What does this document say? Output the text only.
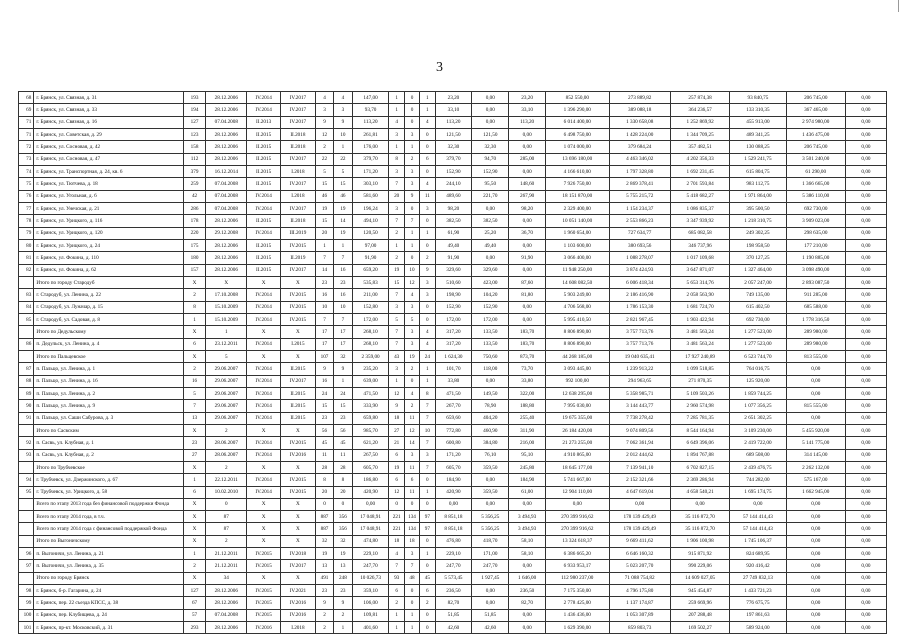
3
68	г. Брянск, ул. Связная, д. 31	193	28.12.2006	IV.2014	IV.2017	4	4	147,00	1	0	1	23,20	0,00	23,20	852 550,00	273 889,82	257 874,38	93 840,75	206 745,00	0,00
69	г. Брянск, ул. Связная, д. 33	194	28.12.2006	IV.2014	IV.2017	3	3	93,70	1	0	1	33,10	0,00	33,10	1 396 290,00	389 088,18	364 236,57	133 310,35	367 465,00	0,00
71	г. Брянск, ул. Связная, д. 16	127	07.04.2008	II.2013	IV.2017	9	9	113,20	4	0	4	113,20	0,00	113,20	6 014 400,00	1 330 658,08	1 252 869,92	455 913,00	2 974 980,00	0,00
71	г. Брянск, ул. Советская, д. 29	123	28.12.2006	II.2015	II.2018	12	10	261,81	3	3	0	121,50	121,50	0,00	6 498 750,00	1 428 224,00	1 344 709,25	489 341,25	1 436 475,00	0,00
72	г. Брянск, ул. Сосновая, д. 42	158	28.12.2006	II.2015	II.2018	2	1	176,00	1	1	0	32,30	32,30	0,00	1 074 000,00	379 684,24	357 482,51	130 088,25	206 745,00	0,00
73	г. Брянск, ул. Сосновая, д. 47	112	28.12.2006	II.2015	IV.2017	22	22	379,70	8	2	6	379,70	94,70	285,00	13 696 180,00	4 463 346,02	4 202 356,33	1 529 241,75	3 501 240,00	0,00
74	г. Брянск, ул. Транспортная, д. 24, кв. 6	379	16.12.2014	II.2015	I.2018	5	5	171,20	3	3	0	152,90	152,90	0,00	4 166 610,00	1 797 328,80	1 692 231,45	615 804,75	61 290,00	0,00
75	г. Брянск, ул. Тютчева, д. 18	259	07.04.2008	II.2015	IV.2017	15	15	303,10	7	3	4	244,10	95,50	148,60	7 926 750,00	2 869 378,41	2 701 593,84	983 112,75	1 366 665,00	0,00
76	г. Брянск, ул. Угольная, д. 6	42	07.04.2008	IV.2014	I.2018	46	46	581,60	20	9	11	489,60	221,70	267,90	18 151 870,00	5 755 215,72	5 418 682,27	1 971 864,00	5 386 110,00	0,00
77	г. Брянск, ул. Унечская, д. 21	286	07.04.2008	IV.2014	IV.2017	19	19	196,24	3	0	3	98,20	0,00	98,20	2 329 400,00	1 154 234,37	1 086 835,37	395 500,50	692 730,00	0,00
78	г. Брянск, ул. Урицкого, д. 116	178	28.12.2006	II.2015	II.2018	15	14	494,10	7	7	0	382,50	382,50	0,00	10 051 140,00	2 553 866,23	3 347 939,92	1 218 310,75	3 909 023,00	0,00
79	г. Брянск, ул. Урицкого, д. 120	220	29.12.2008	IV.2014	III.2019	20	19	120,50	2	1	1	61,90	25,20	36,70	1 960 654,00	727 634,77	685 082,58	249 302,25	298 635,00	0,00
80	г. Брянск, ул. Урицкого, д. 24	175	28.12.2006	II.2015	IV.2015	1	1	97,00	1	1	0	49,40	49,40	0,00	1 103 600,00	380 693,56	346 737,96	198 958,50	177 210,00	0,00
81	г. Брянск, ул. Фокина, д. 110	180	28.12.2006	II.2015	II.2019	7	7	91,90	2	0	2	91,90	0,00	91,90	3 066 400,00	1 088 278,07	1 017 109,68	370 127,25	1 190 885,00	0,00
82	г. Брянск, ул. Фокина, д. 62	157	28.12.2006	II.2015	IV.2017	14	16	659,20	19	10	9	329,60	329,60	0,00	11 948 250,00	3 874 424,93	3 647 871,07	1 327 464,00	3 098 490,00	0,00
	Итого по городу Стародуб	X	X	X	X	23	23	535,83	15	12	3	510,60	423,00	87,60	14 608 082,50	6 006 418,34	5 653 314,76	2 057 247,00	2 893 087,50	0,00
83	г. Стародуб, ул. Ленина, д. 22	2	17.10.2008	IV.2014	IV.2015	16	16	211,00	7	4	3	198,90	104,20	81,80	5 903 249,00	2 186 416,90	2 058 563,90	749 135,00	911 285,00	0,00
84	г. Стародуб, ул. Луначар, д. 15	8	15.10.2009	IV.2014	IV.2015	10	10	152,80	3	3	0	152,90	152,90	0,00	4 706 568,00	1 786 153,30	1 681 724,70	615 402,50	685 588,00	0,00
85	г. Стародуб, ул. Садовая, д. 8	1	15.10.2009	IV.2014	IV.2015	7	7	172,00	5	5	0	172,00	172,00	0,00	5 995 410,50	2 821 967,45	1 903 422,94	692 730,00	1 778 316,50	0,00
	Итого по Дедульскому	X	1	X	X	17	17	268,10	7	3	4	317,20	133,50	183,70	8 806 890,00	3 757 713,76	3 481 563,24	1 277 523,00	289 980,00	0,00
86	п. Дедульск, ул. Ленина, д. 4	6	23.12.2011	IV.2014	I.2015	17	17	268,10	7	3	4	317,20	133,50	183,70	8 806 890,00	3 757 713,76	3 481 563,24	1 277 523,00	289 980,00	0,00
	Итого по Пальцевское	X	5	X	X	107	32	2 359,00	43	19	24	1 624,30	750,60	873,70	44 268 185,00	19 040 635,41	17 927 240,89	6 523 744,70	813 555,00	0,00
87	п. Пальцо, ул. Ленина, д. 1	2	29.06.2007	IV.2014	II.2015	9	9	235,20	3	2	1	101,70	118,00	73,70	3 093 445,00	1 239 913,22	1 099 518,85	764 016,75	0,00	0,00
88	п. Пальцо, ул. Ленина, д. 16	16	29.06.2007	IV.2014	IV.2017	16	1	639,00	1	0	1	33,80	0,00	33,80	992 100,00	294 963,65	271 870,35	125 920,00	0,00	0,00
89	п. Пальцо, ул. Ленина, д. 2	5	29.06.2007	IV.2014	II.2015	24	24	471,50	12	4	8	471,50	149,50	322,00	12 638 295,00	5 358 985,71	5 109 503,26	1 859 744,25	0,00	0,00
90	п. Пальцо, ул. Ленина, д. 9	7	29.06.2007	IV.2014	II.2015	15	15	333,90	9	2	7	267,70	78,90	188,80	7 995 030,00	3 144 443,77	2 960 574,98	1 077 356,25	815 555,00	0,00
91	п. Пальцо, ул. Саши Сабурова, д. 3	13	29.06.2007	IV.2014	II.2015	23	23	659,80	18	11	7	659,60	404,20	255,40	19 675 355,00	7 738 278,42	7 285 781,35	2 651 302,25	0,00	0,00
	Итого по Сасвским	X	2	X	X	56	56	985,70	27	12	10	772,80	460,90	311,90	26 184 420,00	9 074 809,56	8 544 164,94	3 109 230,00	5 455 920,00	0,00
92	п. Сасвь, ул. Клубная, д. 1	23	28.06.2007	IV.2014	IV.2015	45	45	621,20	21	14	7	600,80	384,80	216,00	21 273 255,00	7 062 361,94	6 649 396,06	2 419 722,00	5 141 775,00	0,00
93	п. Сасвь, ул. Клубная, д. 2	27	28.06.2007	IV.2014	IV.2016	11	11	267,50	6	3	3	171,20	76,10	95,10	4 910 865,00	2 012 444,62	1 894 767,88	689 508,00	314 145,00	0,00
	Итого по Трубчевское	X	2	X	X	28	28	605,70	19	11	7	605,70	359,50	245,80	18 645 177,00	7 139 941,10	6 702 827,15	2 439 476,75	2 262 132,00	0,00
94	г. Трубчевск, ул. Дзержинского, д. 67	1	22.12.2011	IV.2014	IV.2015	8	8	186,80	6	6	0	184,90	0,00	184,90	5 741 667,00	2 152 321,66	2 369 286,94	744 282,00	575 167,00	0,00
95	г. Трубчевск, ул. Урицкого, д. 58	6	10.02.2010	IV.2014	IV.2015	20	20	420,90	12	11	1	420,90	359,50	61,00	12 904 110,00	4 647 619,04	4 658 540,21	1 695 174,75	1 662 945,00	0,00
	Всего по этапу 2013 года без финансовой поддержки Фонда	X	0	X	X	0	0	0,00	0	0	0	0,00	0,00	0,00	0,00	0,00	0,00	0,00	0,00	0,00
	Всего по этапу 2014 года, в т.ч.	X	87	X	X	887	356	17 048,91	221	134	97	8 851,18	5 356,25	3 494,93	270 399 916,62	178 139 429,49	35 116 872,70	57 144 414,43	0,00	0,00
	Всего по этапу 2014 года с финансовой поддержкой Фонда	X	87	X	X	887	356	17 048,91	221	134	97	8 851,18	5 356,25	3 494,93	270 399 916,62	178 139 429,49	35 116 872,70	57 144 414,43	0,00	0,00
	Итого по Выгоничскому	X	2	X	X	32	32	474,80	18	18	0	476,80	418,70	58,10	13 324 618,37	9 669 411,62	1 906 100,98	1 745 106,37	0,00	0,00
96	п. Выгоничи, ул. Ленина, д. 21	1	21.12.2011	IV.2015	IV.2018	19	19	229,10	4	3	1	229,10	171,00	58,10	6 386 665,20	6 646 160,32	915 871,92	824 689,95	0,00	0,00
97	п. Выгоничи, ул. Ленина, д. 35	2	21.12.2011	IV.2015	IV.2017	13	13	247,70	7	7	0	247,70	247,70	0,00	6 933 953,17	5 023 207,70	990 229,06	920 416,42	0,00	0,00
	Итого по городу Брянск	X	34	X	X	491	248	10 026,73	93	48	45	5 573,45	1 927,45	1 646,00	112 980 237,00	71 088 754,82	14 609 027,05	27 749 832,13	0,00	0,00
98	г. Брянск, б-р. Гагарина, д. 24	127	28.12.2006	IV.2015	IV.2021	23	23	359,10	6	0	6	236,50	0,00	236,50	7 175 350,00	4 796 175,80	945 454,87	1 433 721,23	0,00	0,00
99	г. Брянск, пер. 22 съезда КПСС, д. 38	67	28.12.2006	IV.2015	IV.2016	9	9	106,00	2	0	2	82,70	0,00	82,70	2 778 425,00	1 137 174,87	259 669,96	776 675,75	0,00	0,00
100	г. Брянск, пер. Клубищева, д. 24	57	07.04.2008	IV.2015	IV.2016	2	2	109,81	1	1	0	51,85	51,85	0,00	1 436 436,00	1 053 307,89	207 288,48	197 861,63	0,00	0,00
101	г. Брянск, пр-кт. Московский, д. 31	293	28.12.2006	IV.2016	I.2018	2	1	401,60	1	1	0	42,60	42,60	0,00	1 629 390,00	859 803,73	169 502,27	589 924,00	0,00	0,00
